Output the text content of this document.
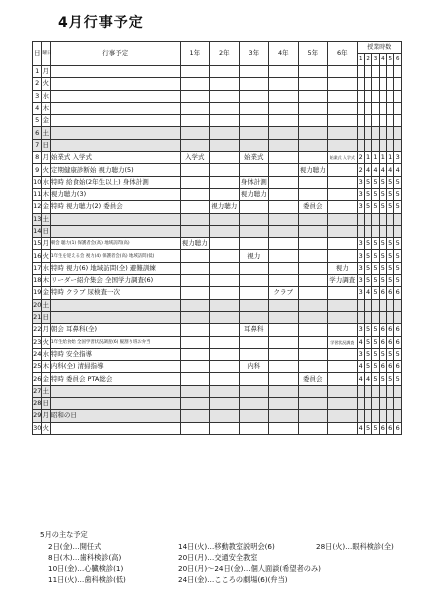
4月行事予定
日	曜日	行事予定	1年	2年	3年	4年	5年	6年	授業時数					
									1	2	3	4	5	6
1	月													
2	火													
3	水													
4	木													
5	金													
6	土													
7	日													
8	月	始業式 入学式	入学式		始業式			始業式 入学式	2	1	1	1	1	3
9	火	定期健康診断始 視力聴力(5)					視力聴力		2	4	4	4	4	4
10	水	特時 給食始(2年生以上) 身体計測			身体計測				3	5	5	5	5	5
11	木	視力聴力(3)			視力聴力				3	5	5	5	5	5
12	金	特時 視力聴力(2) 委員会		視力聴力			委員会		3	5	5	5	5	5
13	土													
14	日													
15	月	朝会 聴力(1) 保護者会(高) 地域訪問(高)	視力聴力						3	5	5	5	5	5
16	火	1年生を迎える会 視力(4) 保護者会(高) 地域訪問(低)			視力				3	5	5	5	5	5
17	水	特時 視力(6) 地域訪問(全) 避難訓練						視力	3	5	5	5	5	5
18	木	リーダー紹介集会 全国学力調査(6)						学力調査	3	5	5	5	5	5
19	金	特時 クラブ 尿検査一次				クラブ			3	4	5	6	6	6
20	土													
21	日													
22	月	朝会 耳鼻科(全)			耳鼻科				3	5	5	6	6	6
23	火	1年生給食始 全国学習状況調査(6) 縦割り班お弁当						学習状況調査	4	5	5	6	6	6
24	水	特時 安全指導							3	5	5	5	5	5
25	木	内科(全) 清掃指導			内科				4	5	5	6	6	6
26	金	特時 委員会 PTA総会					委員会		4	4	5	5	5	5
27	土													
28	日													
29	月	昭和の日												
30	火								4	5	5	6	6	6
5月の主な予定
2日(金)…開任式
8日(木)…歯科検診(高)
10日(金)…心臓検診(1)
11日(火)…歯科検診(低)
14日(火)…移動教室説明会(6)
20日(月)…交通安全教室
20日(月)～24日(金)…個人面談(希望者のみ)
24日(金)…こころの劇場(6)(弁当)
28日(火)…眼科検診(全)
